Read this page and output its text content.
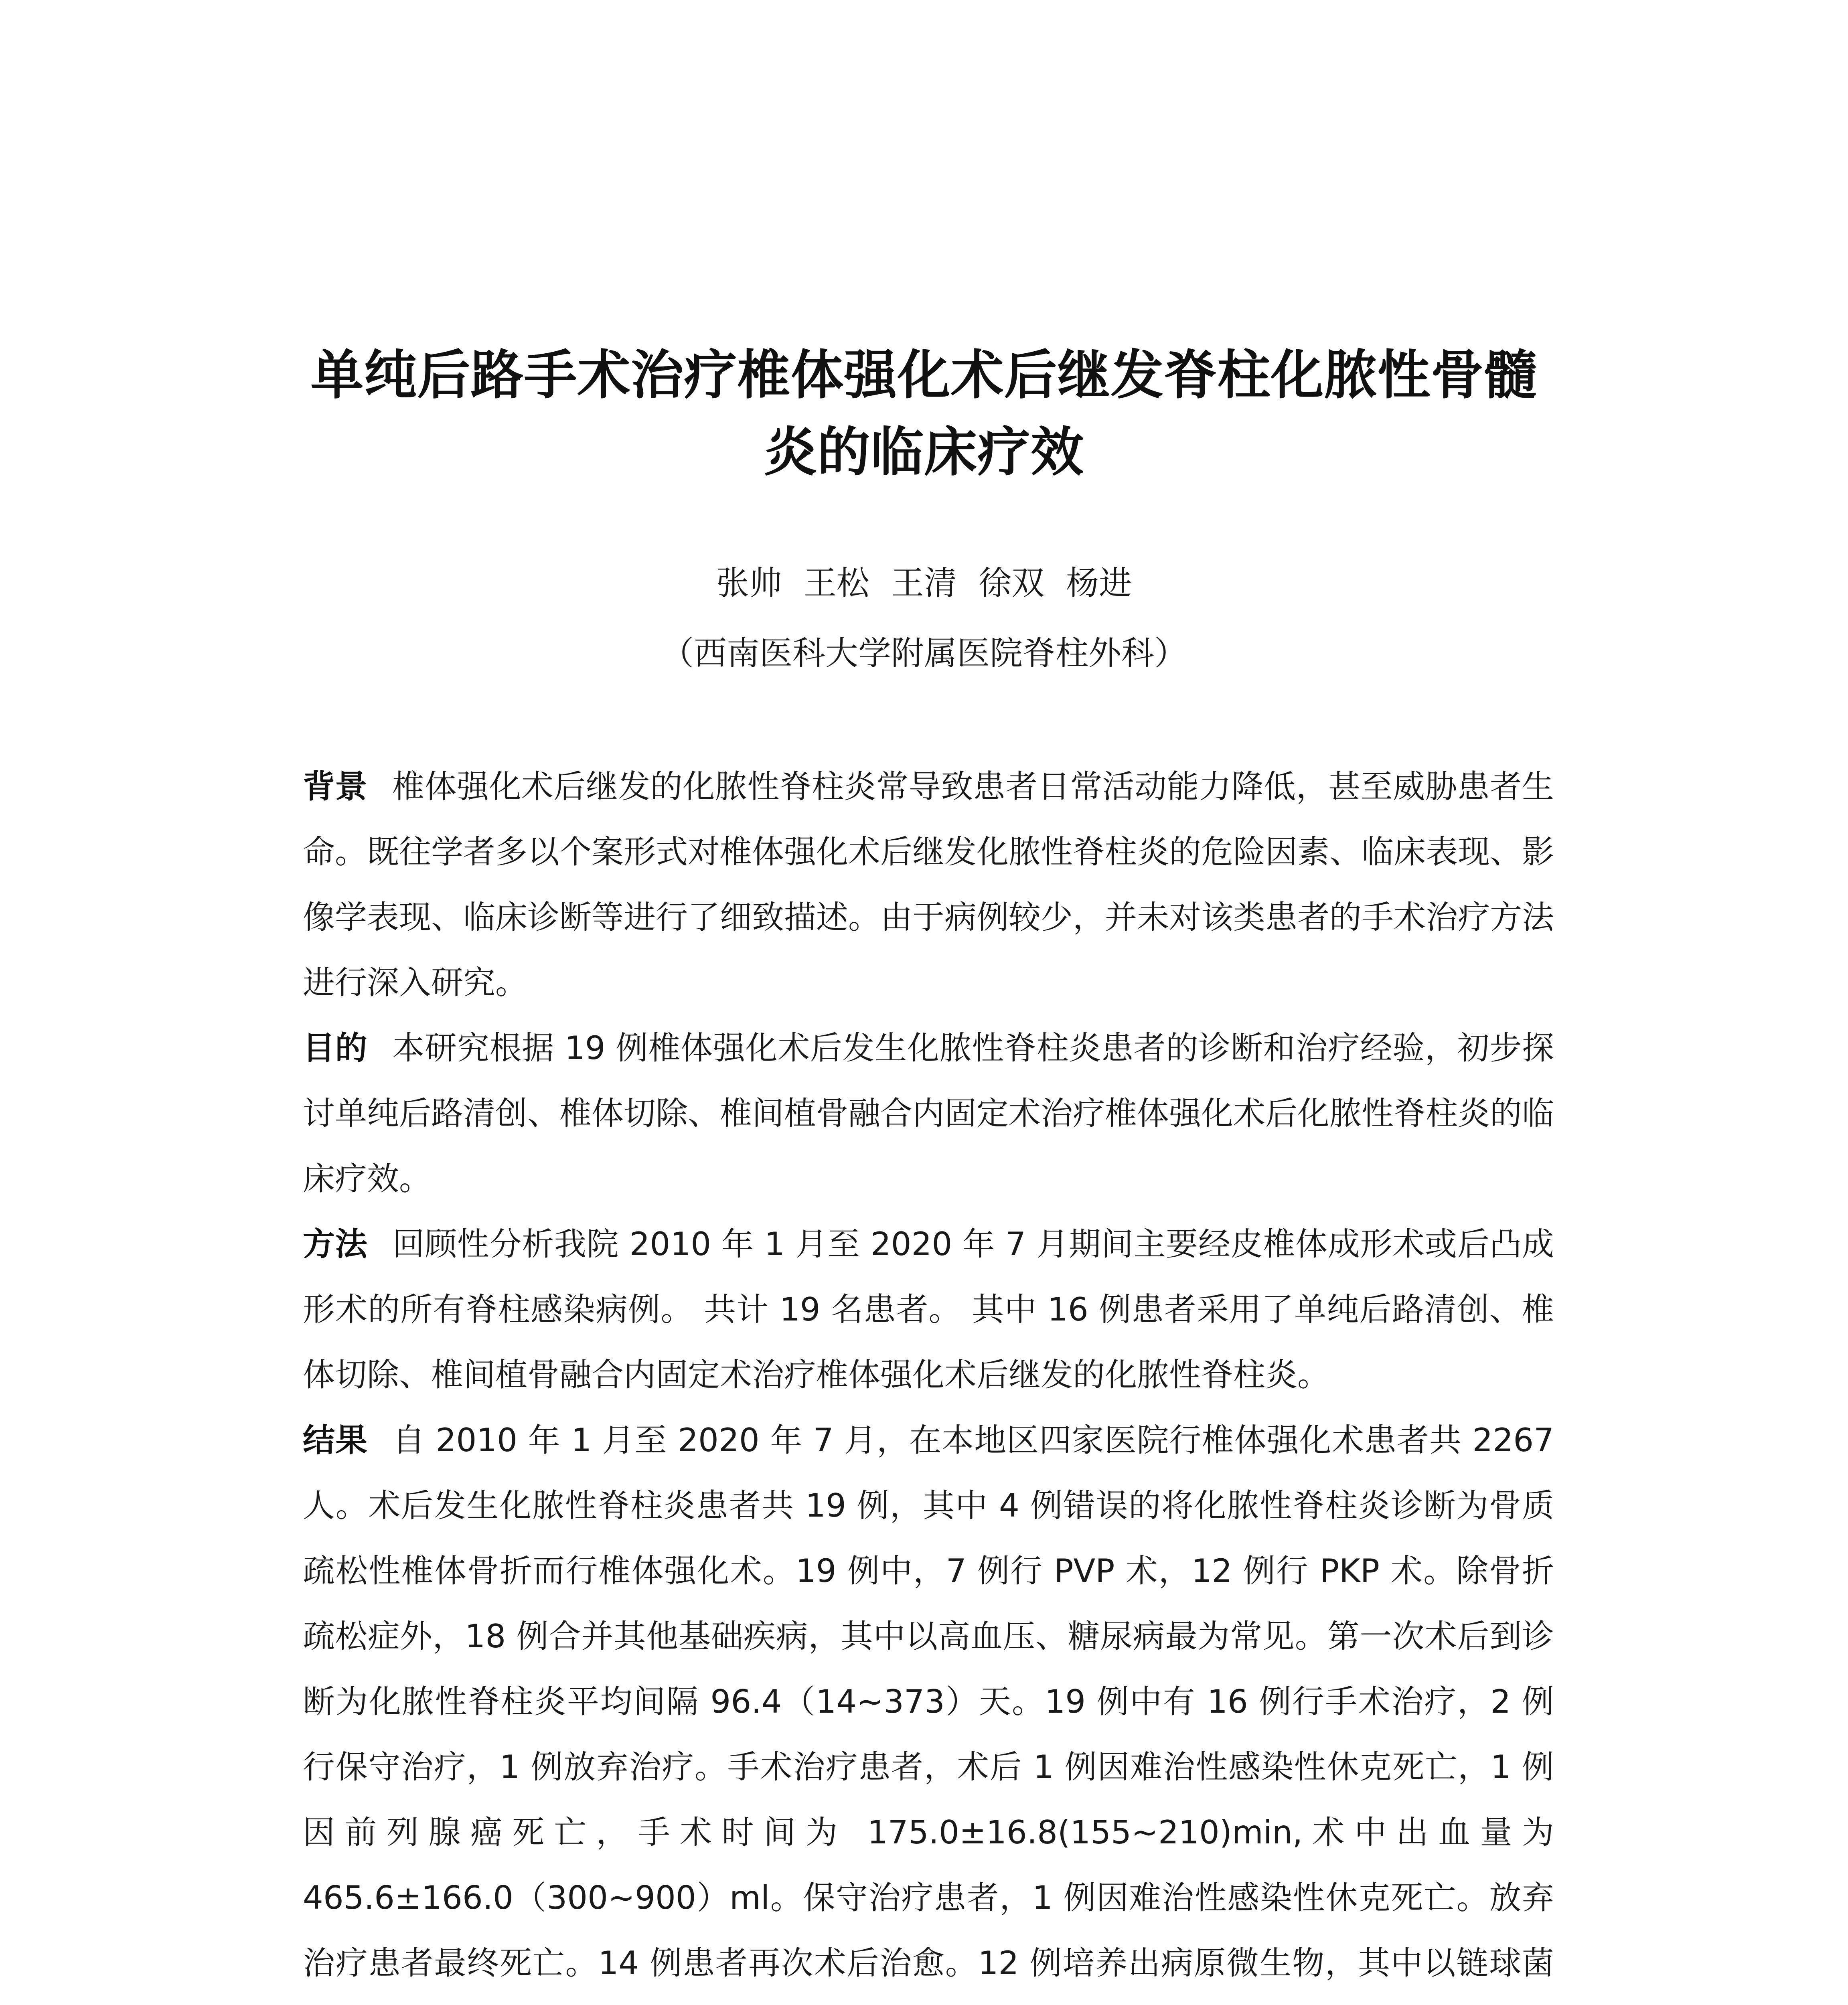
单纯后路手术治疗椎体强化术后继发脊柱化脓性骨髓
炎的临床疗效
张帅 王松 王清 徐双 杨进
（西南医科大学附属医院脊柱外科）

背景 椎体强化术后继发的化脓性脊柱炎常导致患者日常活动能力降低，甚至威胁患者生命。既往学者多以个案形式对椎体强化术后继发化脓性脊柱炎的危险因素、临床表现、影像学表现、临床诊断等进行了细致描述。由于病例较少，并未对该类患者的手术治疗方法进行深入研究。

目的 本研究根据 19 例椎体强化术后发生化脓性脊柱炎患者的诊断和治疗经验，初步探讨单纯后路清创、椎体切除、椎间植骨融合内固定术治疗椎体强化术后化脓性脊柱炎的临床疗效。

方法 回顾性分析我院 2010 年 1 月至 2020 年 7 月期间主要经皮椎体成形术或后凸成形术的所有脊柱感染病例。 共计 19 名患者。 其中 16 例患者采用了单纯后路清创、椎体切除、椎间植骨融合内固定术治疗椎体强化术后继发的化脓性脊柱炎。

结果 自 2010 年 1 月至 2020 年 7 月，在本地区四家医院行椎体强化术患者共 2267 人。术后发生化脓性脊柱炎患者共 19 例，其中 4 例错误的将化脓性脊柱炎诊断为骨质疏松性椎体骨折而行椎体强化术。19 例中，7 例行 PVP 术，12 例行 PKP 术。除骨折疏松症外，18 例合并其他基础疾病，其中以高血压、糖尿病最为常见。第一次术后到诊断为化脓性脊柱炎平均间隔 96.4（14~373）天。19 例中有 16 例行手术治疗，2 例行保守治疗，1 例放弃治疗。手术治疗患者，术后 1 例因难治性感染性休克死亡，1 例因前列腺癌死亡，手术时间为 175.0±16.8(155~210)min,术中出血量为 465.6±166.0（300~900）ml。保守治疗患者，1 例因难治性感染性休克死亡。放弃治疗患者最终死亡。14 例患者再次术后治愈。12 例培养出病原微生物，其中以链球菌
